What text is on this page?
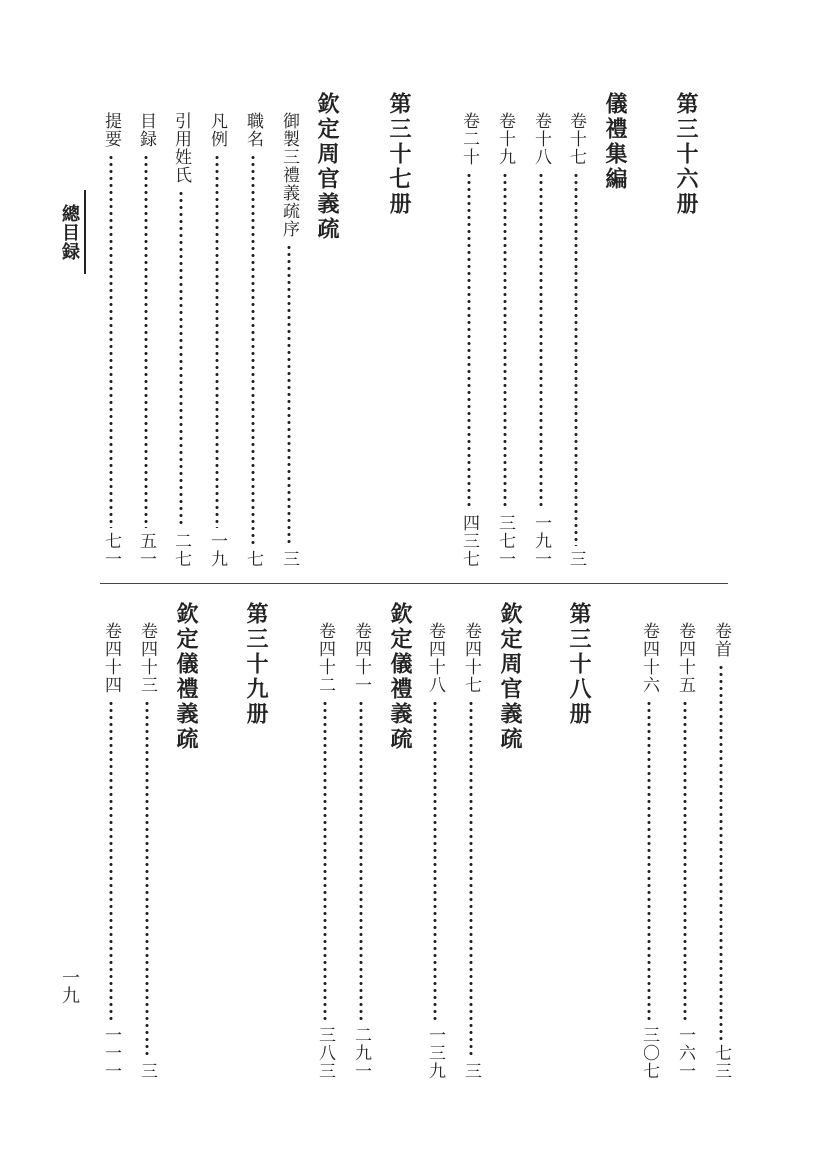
第三十六册
儀禮集編
卷十七
三
卷十八
一九一
卷十九
三七一
卷二十
四三七
第三十七册
欽定周官義疏
御製三禮義疏序
三
職名
七
凡例
一九
引用姓氏
二七
目録
五一
提要
七一
卷首
七三
卷四十五
一六一
卷四十六
三〇七
第三十八册
欽定周官義疏
卷四十七
三
卷四十八
一三九
欽定儀禮義疏
卷四十一
二九一
卷四十二
三八三
第三十九册
欽定儀禮義疏
卷四十三
三
卷四十四
一一一
總目録
一九
